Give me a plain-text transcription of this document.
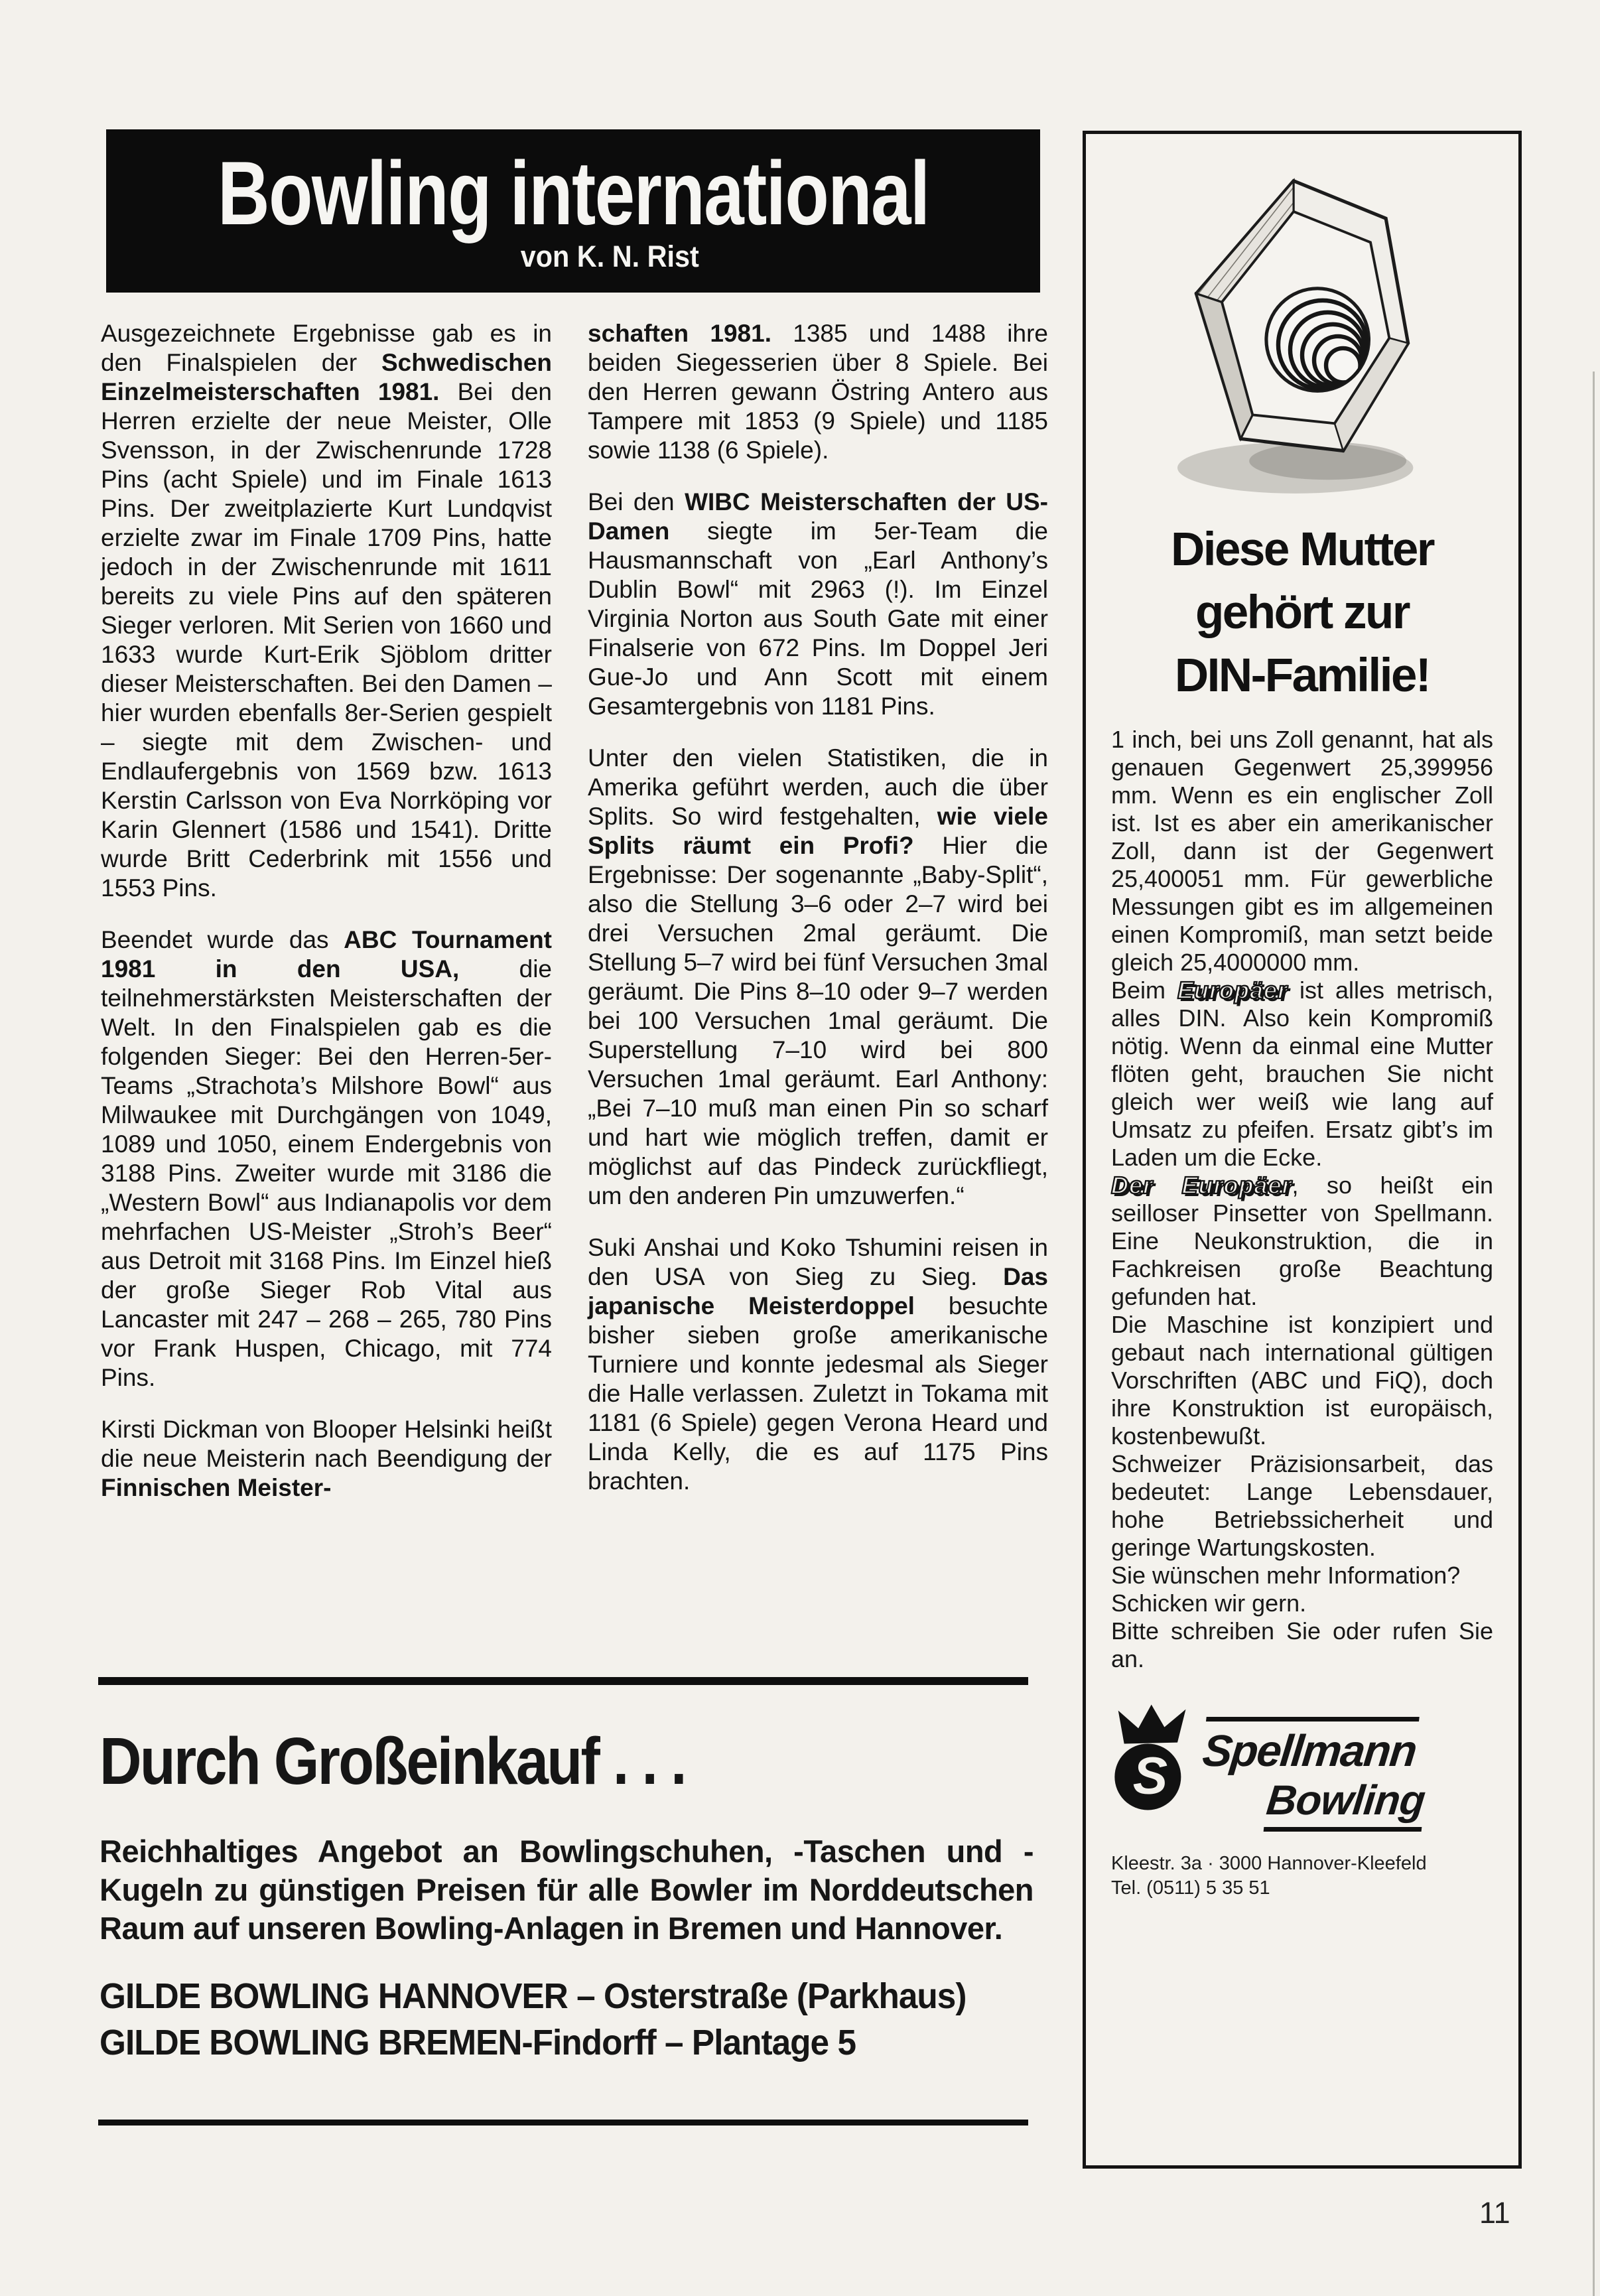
Bowling international
von K. N. Rist

Ausgezeichnete Ergebnisse gab es in den Finalspielen der Schwedischen Einzelmeisterschaften 1981. Bei den Herren erzielte der neue Meister, Olle Svensson, in der Zwischenrunde 1728 Pins (acht Spiele) und im Finale 1613 Pins. Der zweitplazierte Kurt Lundqvist erzielte zwar im Finale 1709 Pins, hatte jedoch in der Zwischenrunde mit 1611 bereits zu viele Pins auf den späteren Sieger verloren. Mit Serien von 1660 und 1633 wurde Kurt-Erik Sjöblom dritter dieser Meisterschaften. Bei den Damen – hier wurden ebenfalls 8er-Serien gespielt – siegte mit dem Zwischen- und Endlaufergebnis von 1569 bzw. 1613 Kerstin Carlsson von Eva Norrköping vor Karin Glennert (1586 und 1541). Dritte wurde Britt Cederbrink mit 1556 und 1553 Pins.

Beendet wurde das ABC Tournament 1981 in den USA, die teilnehmerstärksten Meisterschaften der Welt. In den Finalspielen gab es die folgenden Sieger: Bei den Herren-5er-Teams „Strachota’s Milshore Bowl“ aus Milwaukee mit Durchgängen von 1049, 1089 und 1050, einem Endergebnis von 3188 Pins. Zweiter wurde mit 3186 die „Western Bowl“ aus Indianapolis vor dem mehrfachen US-Meister „Stroh’s Beer“ aus Detroit mit 3168 Pins. Im Einzel hieß der große Sieger Rob Vital aus Lancaster mit 247 – 268 – 265, 780 Pins vor Frank Huspen, Chicago, mit 774 Pins.

Kirsti Dickman von Blooper Helsinki heißt die neue Meisterin nach Beendigung der Finnischen Meister-

schaften 1981. 1385 und 1488 ihre beiden Siegesserien über 8 Spiele. Bei den Herren gewann Östring Antero aus Tampere mit 1853 (9 Spiele) und 1185 sowie 1138 (6 Spiele).

Bei den WIBC Meisterschaften der US-Damen siegte im 5er-Team die Hausmannschaft von „Earl Anthony’s Dublin Bowl“ mit 2963 (!). Im Einzel Virginia Norton aus South Gate mit einer Finalserie von 672 Pins. Im Doppel Jeri Gue-Jo und Ann Scott mit einem Gesamtergebnis von 1181 Pins.

Unter den vielen Statistiken, die in Amerika geführt werden, auch die über Splits. So wird festgehalten, wie viele Splits räumt ein Profi? Hier die Ergebnisse: Der sogenannte „Baby-Split“, also die Stellung 3–6 oder 2–7 wird bei drei Versuchen 2mal geräumt. Die Stellung 5–7 wird bei fünf Versuchen 3mal geräumt. Die Pins 8–10 oder 9–7 werden bei 100 Versuchen 1mal geräumt. Die Superstellung 7–10 wird bei 800 Versuchen 1mal geräumt. Earl Anthony: „Bei 7–10 muß man einen Pin so scharf und hart wie möglich treffen, damit er möglichst auf das Pindeck zurückfliegt, um den anderen Pin umzuwerfen.“

Suki Anshai und Koko Tshumini reisen in den USA von Sieg zu Sieg. Das japanische Meisterdoppel besuchte bisher sieben große amerikanische Turniere und konnte jedesmal als Sieger die Halle verlassen. Zuletzt in Tokama mit 1181 (6 Spiele) gegen Verona Heard und Linda Kelly, die es auf 1175 Pins brachten.

Durch Großeinkauf . . .

Reichhaltiges Angebot an Bowlingschuhen, -Taschen und -Kugeln zu günstigen Preisen für alle Bowler im Norddeutschen Raum auf unseren Bowling-Anlagen in Bremen und Hannover.

GILDE BOWLING HANNOVER – Osterstraße (Parkhaus)
GILDE BOWLING BREMEN-Findorff – Plantage 5
Diese Mutter
gehört zur
DIN-Familie!

1 inch, bei uns Zoll genannt, hat als genauen Gegenwert 25,399956 mm. Wenn es ein englischer Zoll ist. Ist es aber ein amerikanischer Zoll, dann ist der Gegenwert 25,400051 mm. Für gewerbliche Messungen gibt es im allgemeinen einen Kompromiß, man setzt beide gleich 25,4000000 mm.

Beim Europäer ist alles metrisch, alles DIN. Also kein Kompromiß nötig. Wenn da einmal eine Mutter flöten geht, brauchen Sie nicht gleich wer weiß wie lang auf Umsatz zu pfeifen. Ersatz gibt’s im Laden um die Ecke.

Der Europäer, so heißt ein seilloser Pinsetter von Spellmann. Eine Neukonstruktion, die in Fachkreisen große Beachtung gefunden hat.

Die Maschine ist konzipiert und gebaut nach international gültigen Vorschriften (ABC und FiQ), doch ihre Konstruktion ist europäisch, kostenbewußt.

Schweizer Präzisionsarbeit, das bedeutet: Lange Lebensdauer, hohe Betriebssicherheit und geringe Wartungskosten.

Sie wünschen mehr Information?

Schicken wir gern.

Bitte schreiben Sie oder rufen Sie an.

S Spellmann
Bowling
Kleestr. 3a · 3000 Hannover-Kleefeld
Tel. (0511) 5 35 51
11
